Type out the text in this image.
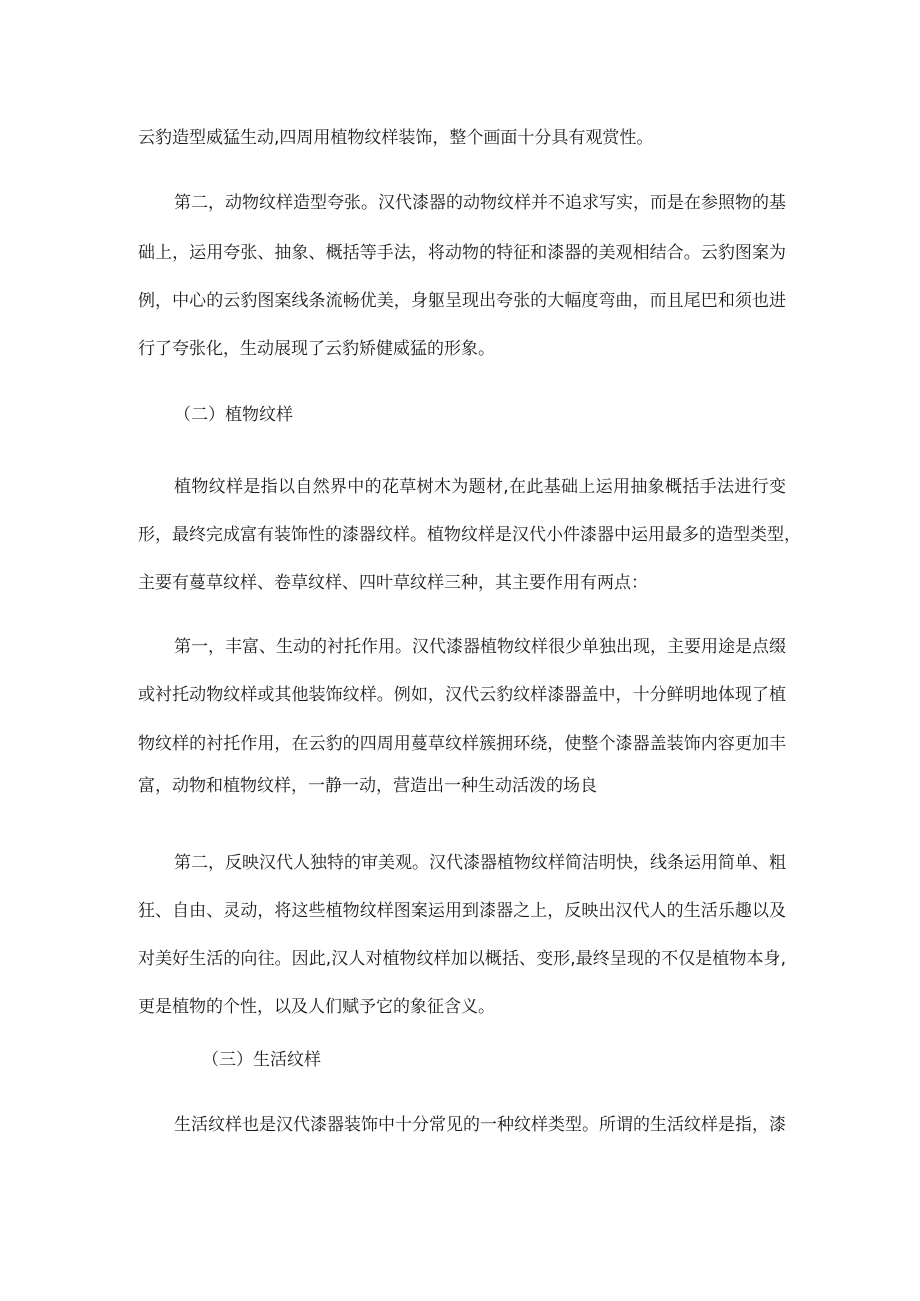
云豹造型威猛生动,四周用植物纹样装饰，整个画面十分具有观赏性。
第二，动物纹样造型夸张。汉代漆器的动物纹样并不追求写实，而是在参照物的基
础上，运用夸张、抽象、概括等手法，将动物的特征和漆器的美观相结合。云豹图案为
例，中心的云豹图案线条流畅优美，身躯呈现出夸张的大幅度弯曲，而且尾巴和须也进
行了夸张化，生动展现了云豹矫健威猛的形象。
（二）植物纹样
植物纹样是指以自然界中的花草树木为题材,在此基础上运用抽象概括手法进行变
形，最终完成富有装饰性的漆器纹样。植物纹样是汉代小件漆器中运用最多的造型类型，
主要有蔓草纹样、卷草纹样、四叶草纹样三种，其主要作用有两点：
第一，丰富、生动的衬托作用。汉代漆器植物纹样很少单独出现，主要用途是点缀
或衬托动物纹样或其他装饰纹样。例如，汉代云豹纹样漆器盖中，十分鲜明地体现了植
物纹样的衬托作用，在云豹的四周用蔓草纹样簇拥环绕，使整个漆器盖装饰内容更加丰
富，动物和植物纹样，一静一动，营造出一种生动活泼的场良
第二，反映汉代人独特的审美观。汉代漆器植物纹样简洁明快，线条运用简单、粗
狂、自由、灵动，将这些植物纹样图案运用到漆器之上，反映出汉代人的生活乐趣以及
对美好生活的向往。因此,汉人对植物纹样加以概括、变形,最终呈现的不仅是植物本身,
更是植物的个性，以及人们赋予它的象征含义。
（三）生活纹样
生活纹样也是汉代漆器装饰中十分常见的一种纹样类型。所谓的生活纹样是指，漆
